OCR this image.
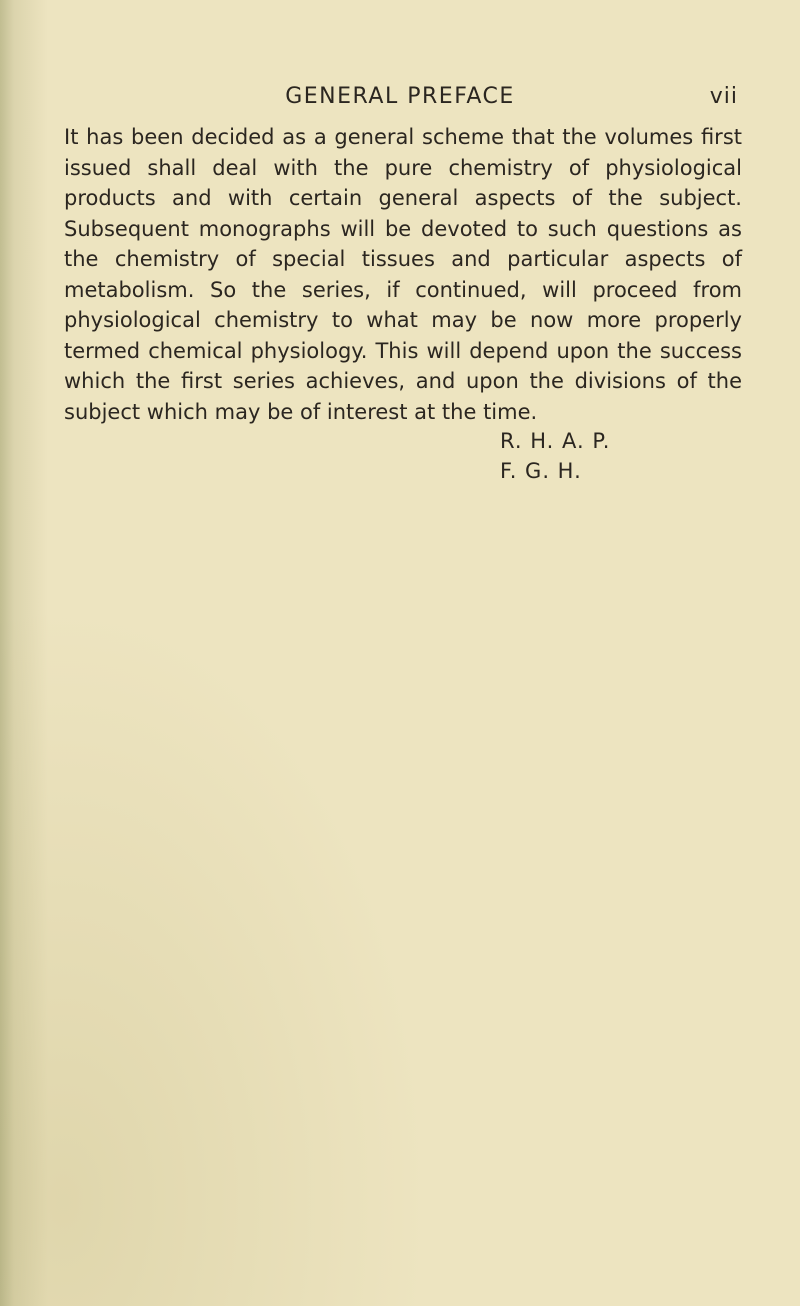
GENERAL PREFACE	vii

It has been decided as a general scheme that the volumes first issued shall deal with the pure chemistry of physiological products and with certain general aspects of the subject. Subsequent monographs will be devoted to such questions as the chemistry of special tissues and particular aspects of metabolism. So the series, if continued, will proceed from physiological chemistry to what may be now more properly termed chemical physiology. This will depend upon the success which the first series achieves, and upon the divisions of the subject which may be of interest at the time.

R. H. A. P.
F. G. H.
